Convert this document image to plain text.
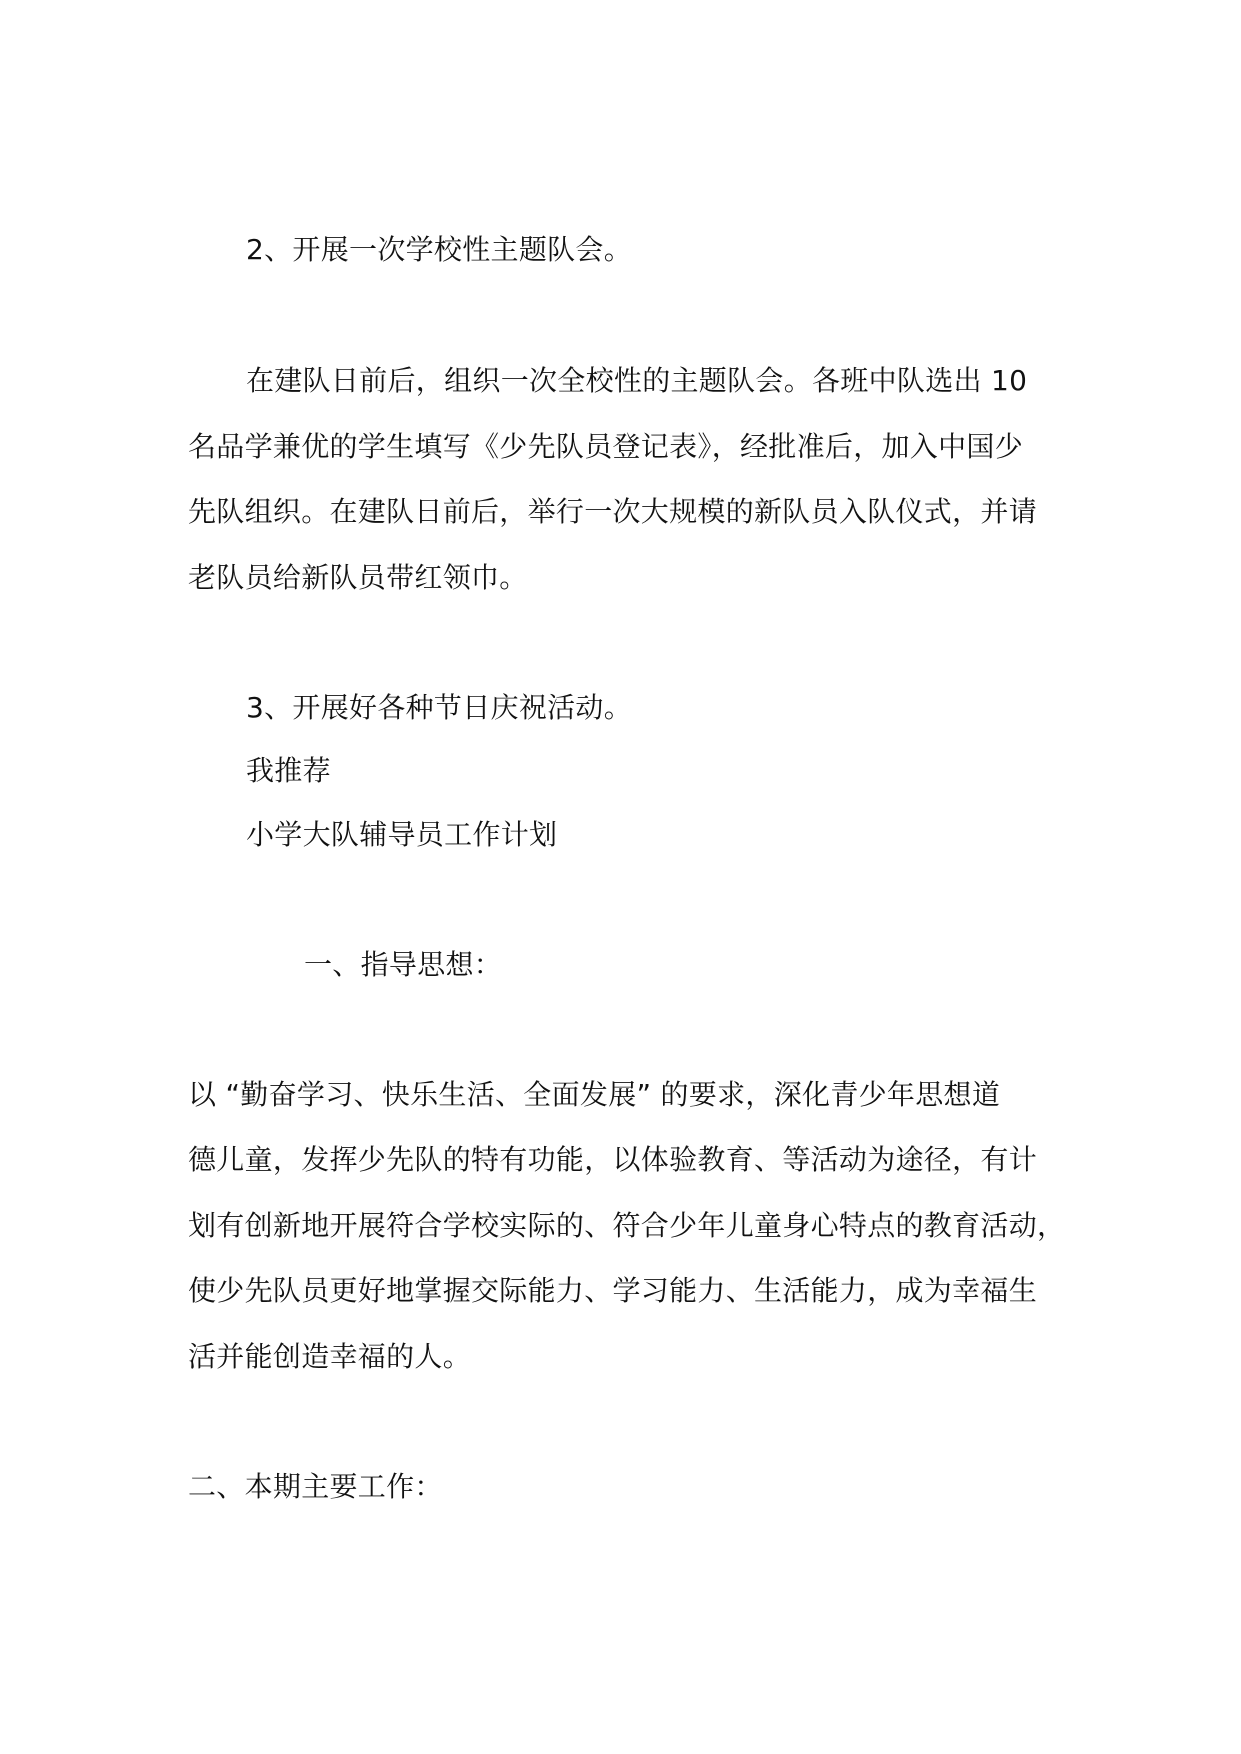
2、开展一次学校性主题队会。
在建队日前后，组织一次全校性的主题队会。各班中队选出 10
名品学兼优的学生填写《少先队员登记表》，经批准后，加入中国少
先队组织。在建队日前后，举行一次大规模的新队员入队仪式，并请
老队员给新队员带红领巾。
3、开展好各种节日庆祝活动。
我推荐
小学大队辅导员工作计划
一、指导思想：
以 “勤奋学习、快乐生活、全面发展” 的要求，深化青少年思想道
德儿童，发挥少先队的特有功能，以体验教育、等活动为途径，有计
划有创新地开展符合学校实际的、符合少年儿童身心特点的教育活动，
使少先队员更好地掌握交际能力、学习能力、生活能力，成为幸福生
活并能创造幸福的人。
二、本期主要工作：
